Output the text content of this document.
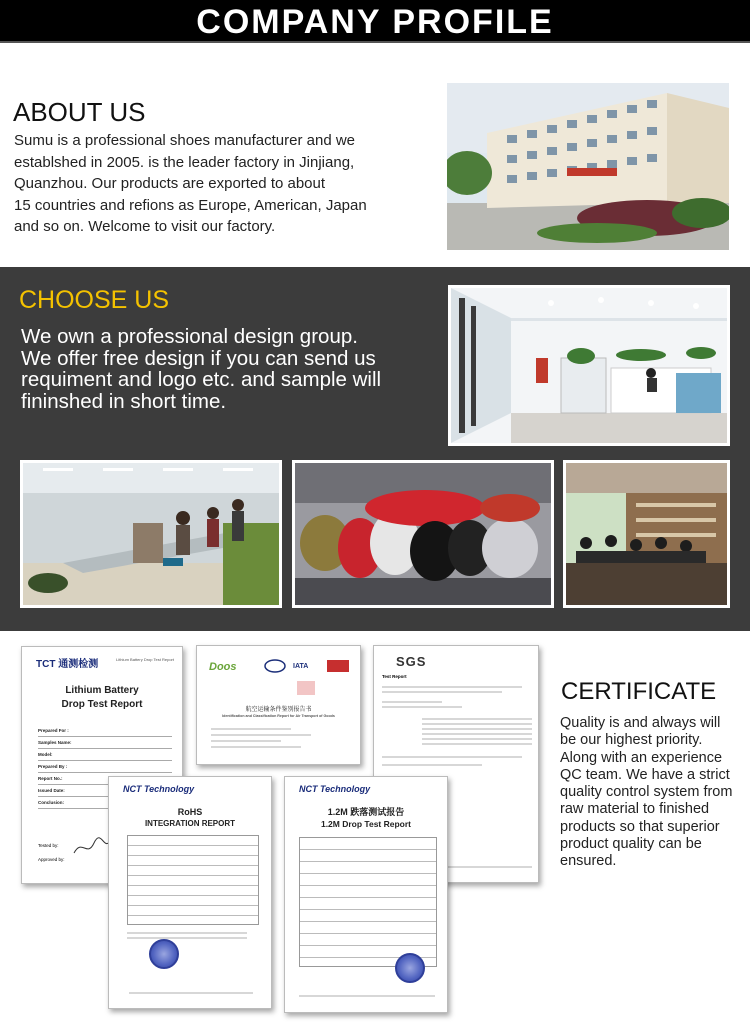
COMPANY PROFILE
ABOUT US
Sumu is a professional shoes manufacturer and we
establshed in 2005. is the leader factory in Jinjiang,
Quanzhou. Our products are exported to about
15 countries and refions as Europe, American, Japan
and so on. Welcome to visit our factory.
CHOOSE US
We own a professional design group.
We offer free design if you can send us
requiment and logo etc. and sample will
fininshed in short time.
TCT 通测检测	Lithium Battery Drop Test Report
Lithium Battery
Drop Test Report
Prepared For :
Samples Name:
Model:
Prepared By :
Report No.:
Issued Date:
Conclusion:
Tested by:
Approved by:
Doos	IATA
航空运输条件鉴别报告书
Identification and Classification Report for Air Transport of Goods
SGS
Test Report
NCT Technology
RoHS
INTEGRATION REPORT
NCT Technology
1.2M 跌落测试报告
1.2M Drop Test Report
CERTIFICATE
Quality is and always will
be our highest priority.
Along with an experience
QC team. We have a strict
quality control system from
raw material to finished
products so that superior
product quality can be
ensured.
